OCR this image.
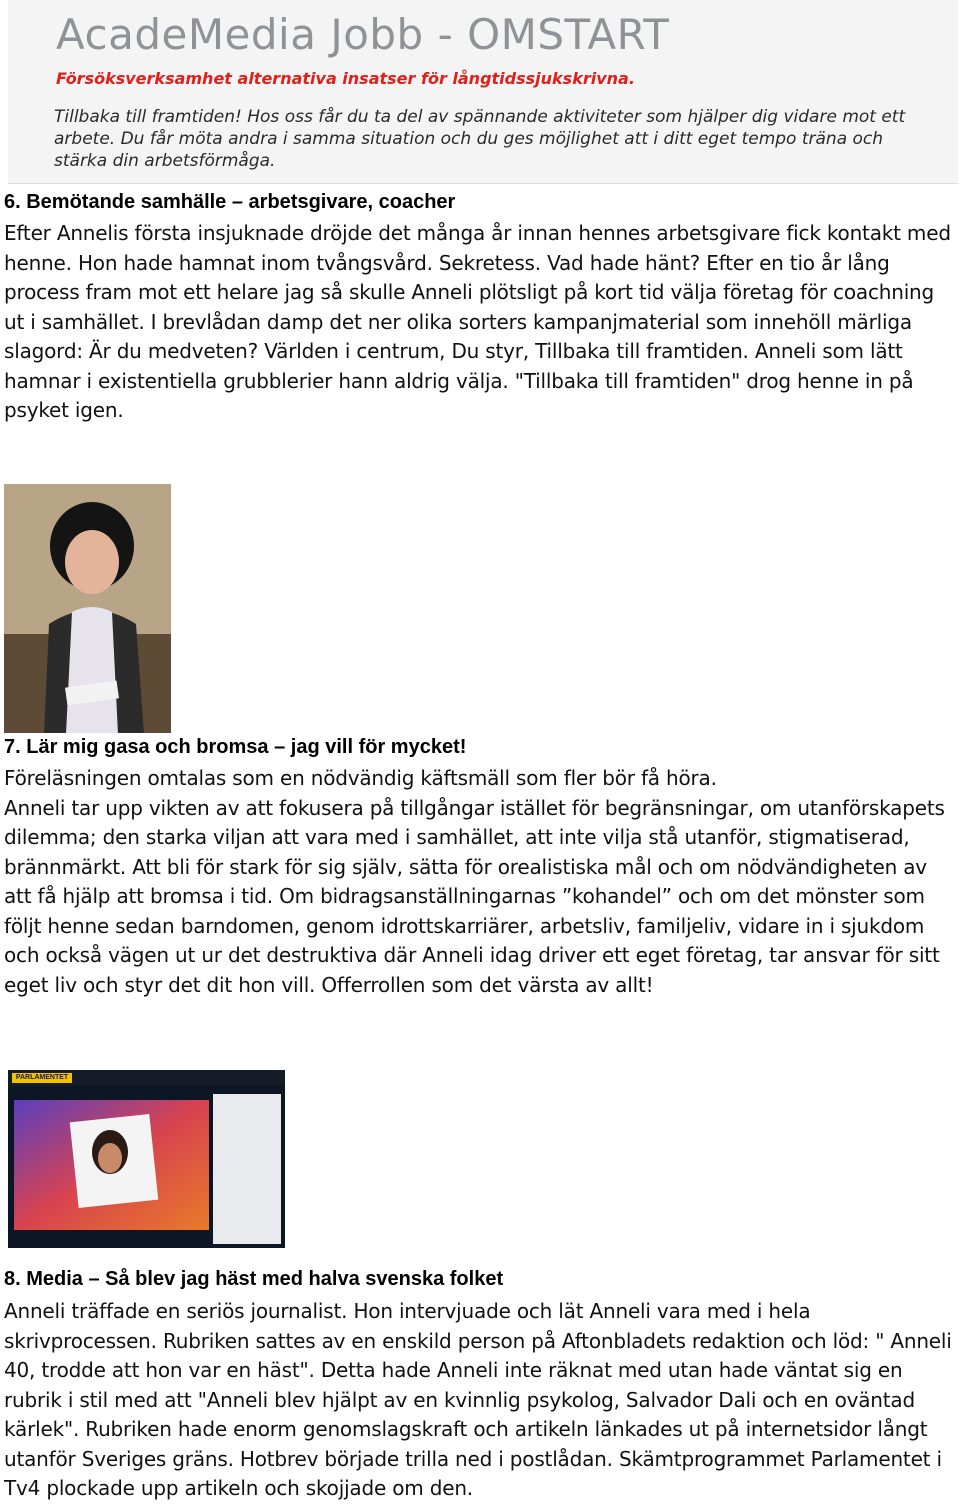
AcadeMedia Jobb - OMSTART
Försöksverksamhet alternativa insatser för långtidssjukskrivna.
Tillbaka till framtiden! Hos oss får du ta del av spännande aktiviteter som hjälper dig vidare mot ett arbete. Du får möta andra i samma situation och du ges möjlighet att i ditt eget tempo träna och stärka din arbetsförmåga.
6. Bemötande samhälle – arbetsgivare, coacher

Efter Annelis första insjuknade dröjde det många år innan hennes arbetsgivare fick kontakt med henne. Hon hade hamnat inom tvångsvård. Sekretess. Vad hade hänt? Efter en tio år lång process fram mot ett helare jag så skulle Anneli plötsligt på kort tid välja företag för coachning ut i samhället. I brevlådan damp det ner olika sorters kampanjmaterial som innehöll märliga slagord: Är du medveten? Världen i centrum, Du styr, Tillbaka till framtiden. Anneli som lätt hamnar i existentiella grubblerier hann aldrig välja. "Tillbaka till framtiden" drog henne in på psyket igen.

7. Lär mig gasa och bromsa – jag vill för mycket!

Föreläsningen omtalas som en nödvändig käftsmäll som fler bör få höra.

Anneli tar upp vikten av att fokusera på tillgångar istället för begränsningar, om utanförskapets dilemma; den starka viljan att vara med i samhället, att inte vilja stå utanför, stigmatiserad, brännmärkt. Att bli för stark för sig själv, sätta för orealistiska mål och om nödvändigheten av att få hjälp att bromsa i tid. Om bidragsanställningarnas ”kohandel” och om det mönster som följt henne sedan barndomen, genom idrottskarriärer, arbetsliv, familjeliv, vidare in i sjukdom och också vägen ut ur det destruktiva där Anneli idag driver ett eget företag, tar ansvar för sitt eget liv och styr det dit hon vill. Offerrollen som det värsta av allt!

PARLAMENTET
8. Media – Så blev jag häst med halva svenska folket

Anneli träffade en seriös journalist. Hon intervjuade och lät Anneli vara med i hela skrivprocessen. Rubriken sattes av en enskild person på Aftonbladets redaktion och löd: " Anneli 40, trodde att hon var en häst". Detta hade Anneli inte räknat med utan hade väntat sig en rubrik i stil med att "Anneli blev hjälpt av en kvinnlig psykolog, Salvador Dali och en oväntad kärlek". Rubriken hade enorm genomslagskraft och artikeln länkades ut på internetsidor långt utanför Sveriges gräns. Hotbrev började trilla ned i postlådan. Skämtprogrammet Parlamentet i Tv4 plockade upp artikeln och skojjade om den.
